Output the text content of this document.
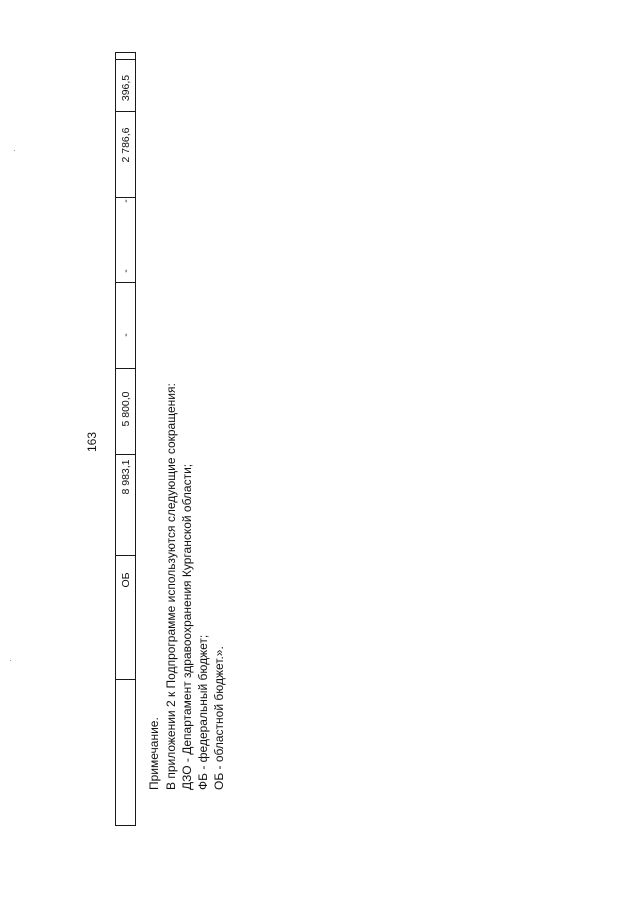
163
ОБ
8 983,1
5 800,0
-
-
-
2 786,6
396,5
Примечание. В приложении 2 к Подпрограмме используются следующие сокращения: ДЗО - Департамент здравоохранения Курганской области; ФБ - федеральный бюджет; ОБ - областной бюджет.».
